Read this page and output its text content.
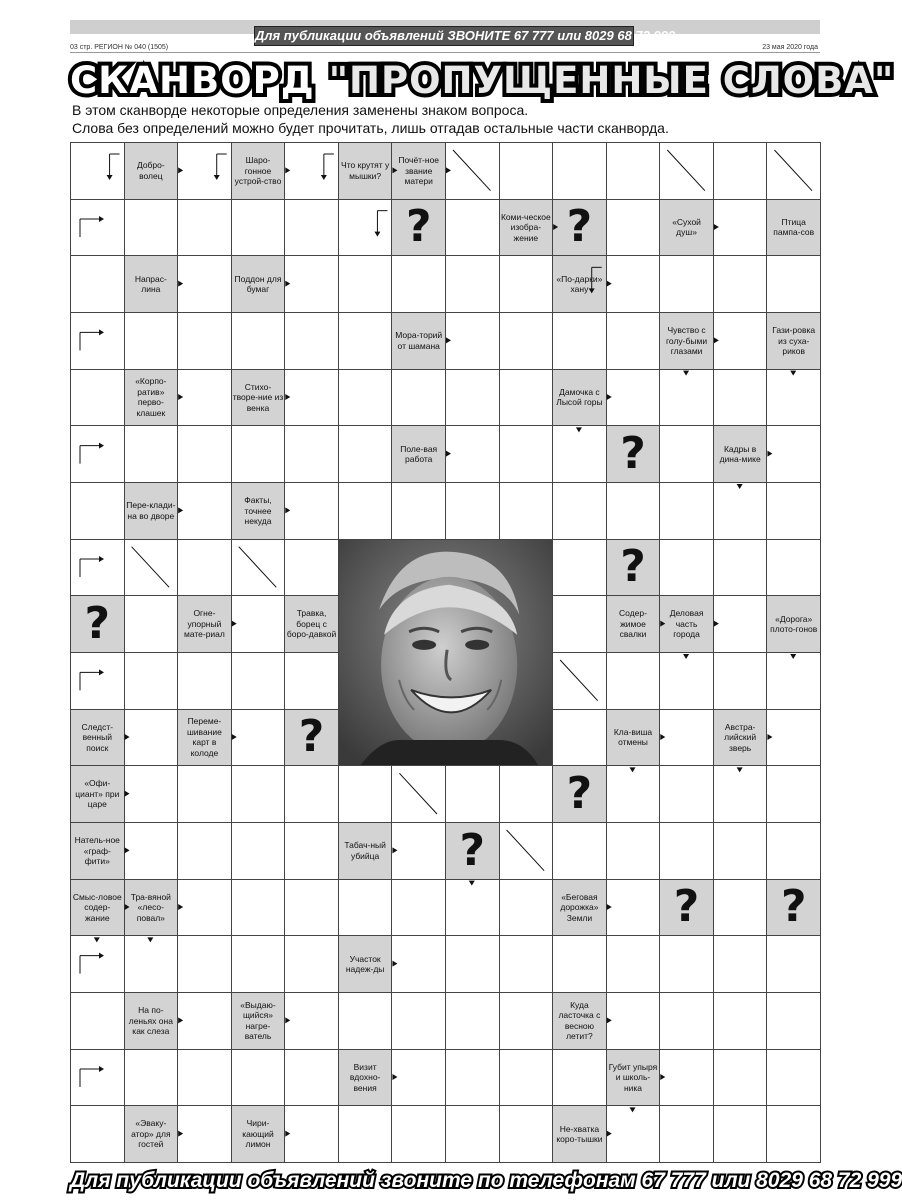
Для публикации объявлений ЗВОНИТЕ 67 777 или 8029 68 72 999
03 стр. РЕГИОН № 040 (1505)	23 мая 2020 года
СКАНВОРД "ПРОПУЩЕННЫЕ СЛОВА"
В этом сканворде некоторые определения заменены знаком вопроса.
Слова без определений можно будет прочитать, лишь отгадав остальные части сканворда.
Добро-волец
Шаро-гонное устрой-ство
Что крутят у мышки?
Почёт-ное звание матери
?	Коми-ческое изобра-жение ?	«Сухой душ»
Птица пампа-сов
Напрас-лина
Поддон для бумаг
«По-дарки» хану
Мора-торий от шамана
Чувство с голу-быми глазами
Гази-ровка из суха-риков
«Корпо-ратив» перво-клашек
Стихо-творе-ние из венка
Дамочка с Лысой горы
Поле-вая работа	?	Кадры в дина-мике
Пере-клади-на во дворе
Факты, точнее некуда
?
?	Огне-упорный мате-риал
Травка, борец с боро-давкой
Содер-жимое свалки
Деловая часть города
«Дорога» плото-гонов
Следст-венный поиск
Переме-шивание карт в колоде ?	Кла-виша отмены
Австра-лийский зверь
«Офи-циант» при царе	?
Натель-ное «граф-фити»
Табач-ный убийца ?
Смыс-ловое содер-жание
Тра-вяной «лесо-повал»
«Беговая дорожка» Земли ? ?
Участок надеж-ды
На по-леньях она как слеза
«Выдаю-щийся» нагре-ватель
Куда ласточка с весною летит?
Визит вдохно-вения
Губит упыря и школь-ника
«Эваку-атор» для гостей
Чири-кающий лимон
Не-хватка коро-тышки
Для публикации объявлений звоните по телефонам 67 777 или 8029 68 72 999
